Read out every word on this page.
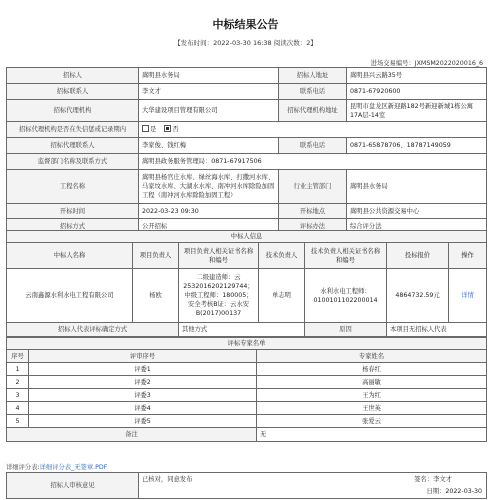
中标结果公告
【发布时间：2022-03-30 16:38 阅读次数：2】
进场交易编号：JXMSM2022020016_6
招标人	嵩明县水务局	招标人地址	嵩明县兴云路35号
招标联系人	李文才	联系电话	0871-67920600
招标代理机构	大华建设项目管理有限公司	招标代理机构地址	昆明市盘龙区新迎路182号新迎新城1栋公寓17A层-14室
招标代理机构是否在失信惩戒记录期内	是 否		
招标代理联系人	李家俊、钱红梅	联系电话	0871-65878706、18787149059
监督部门名称及联系方式	嵩明县政务服务管理局：0871-67917506		
工程名称	嵩明县杨官庄水库、绿丝海水库、打撒河水库、马家坟水库、大湖水水库、南冲河水库除险加固工程（南冲河水库除险加固工程）	行业主管部门	嵩明县水务局
开标时间	2022-03-23 09:30	开标地点	嵩明县公共资源交易中心
招标方式	公开招标	评标办法	综合评分法
中标人信息						
中标人名称	项目负责人	项目负责人相关证书名称和编号	技术负责人	技术负责人相关证书名称和编号	投标报价	操作
云南鑫源水利水电工程有限公司	杨欧	二级建造师：云2532016202129744；中级工程师：180005；安全考核B证：云水安B(2017)00137	单志明	水利水电工程师：0100101102200014	4864732.59元	详情
招标人代表评标确定方式		其他方式		原因	本项目无招标人代表	
评标专家名单		
序号	评审序号	专家姓名
1	评委1	杨春红
2	评委2	高丽敏
3	评委3	王为红
4	评委4	王世英
5	评委5	张爱云
备注		无
详细评分表:详细评分表_无签章.PDF
招标人审核意见	
已核对，同意发布	签名：李文才
日期：2022-03-30
